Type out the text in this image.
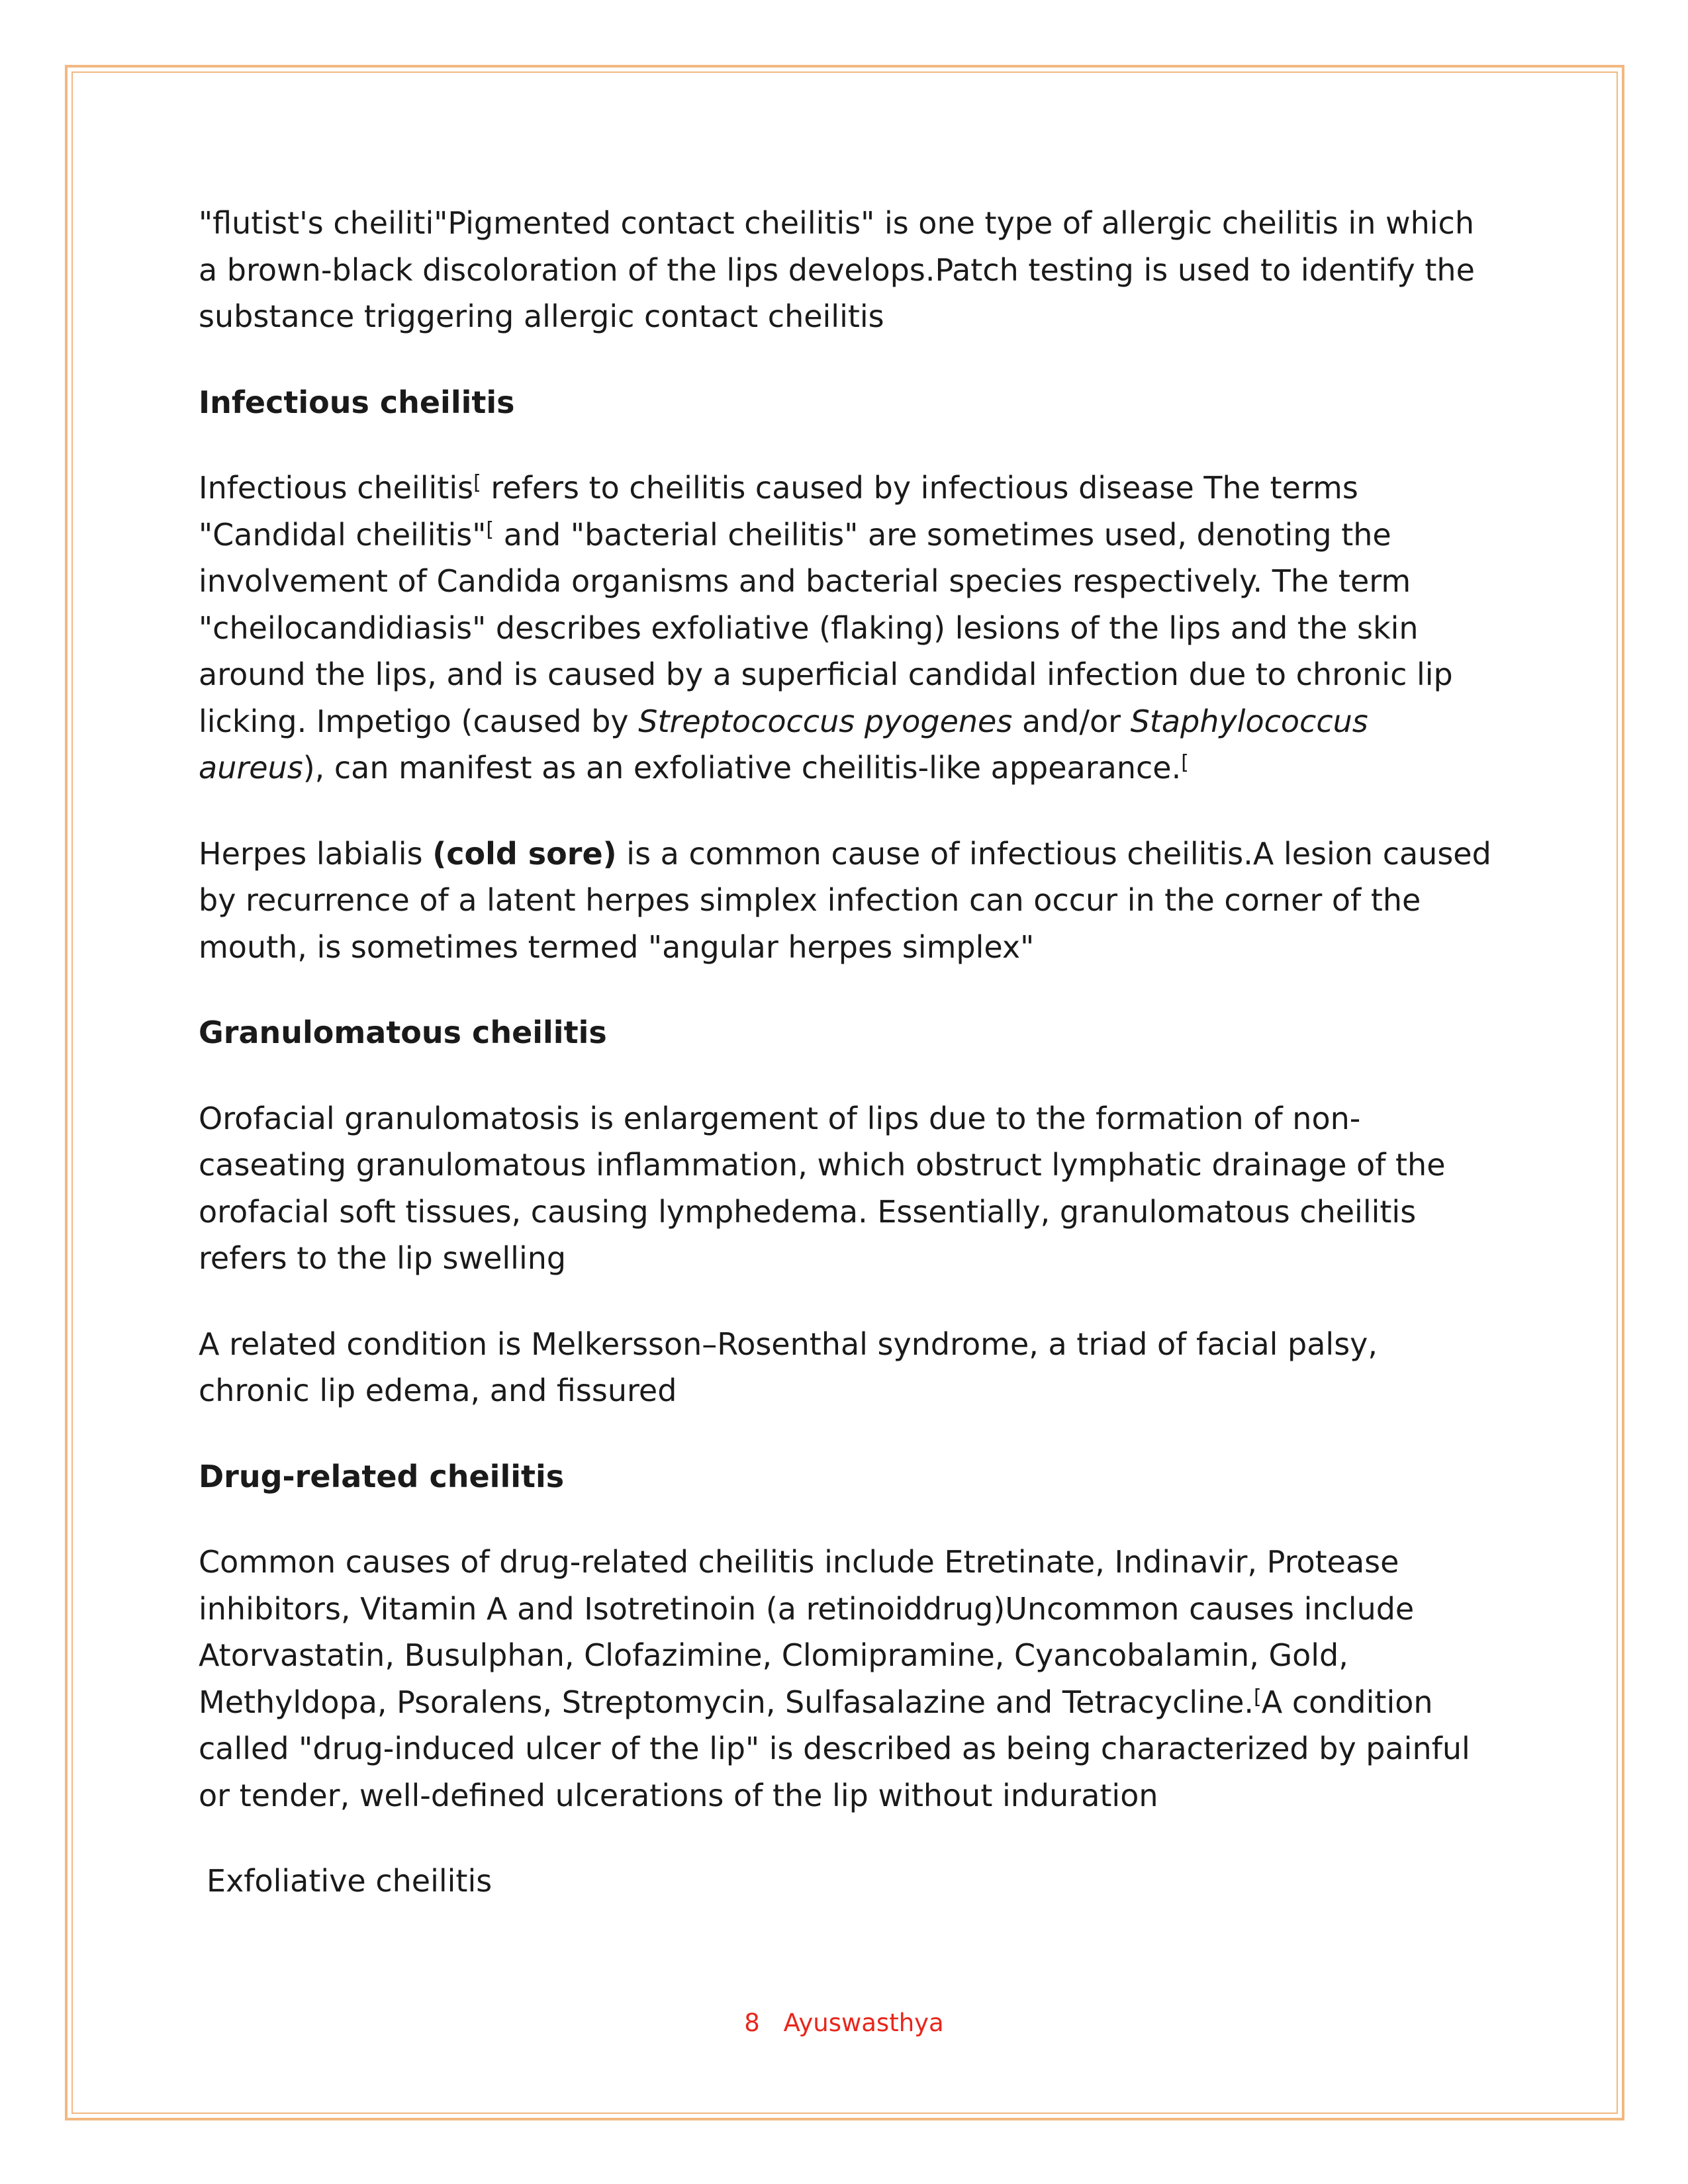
"flutist's cheiliti"Pigmented contact cheilitis" is one type of allergic cheilitis in which a brown-black discoloration of the lips develops.Patch testing is used to identify the substance triggering allergic contact cheilitis

Infectious cheilitis

Infectious cheilitis[ refers to cheilitis caused by infectious disease The terms "Candidal cheilitis"[ and "bacterial cheilitis" are sometimes used, denoting the involvement of Candida organisms and bacterial species respectively. The term "cheilocandidiasis" describes exfoliative (flaking) lesions of the lips and the skin around the lips, and is caused by a superficial candidal infection due to chronic lip licking. Impetigo (caused by Streptococcus pyogenes and/or Staphylococcus aureus), can manifest as an exfoliative cheilitis-like appearance.[

Herpes labialis (cold sore) is a common cause of infectious cheilitis.A lesion caused by recurrence of a latent herpes simplex infection can occur in the corner of the mouth, is sometimes termed "angular herpes simplex"

Granulomatous cheilitis

Orofacial granulomatosis is enlargement of lips due to the formation of non-caseating granulomatous inflammation, which obstruct lymphatic drainage of the orofacial soft tissues, causing lymphedema. Essentially, granulomatous cheilitis refers to the lip swelling

A related condition is Melkersson–Rosenthal syndrome, a triad of facial palsy, chronic lip edema, and fissured

Drug-related cheilitis

Common causes of drug-related cheilitis include Etretinate, Indinavir, Protease inhibitors, Vitamin A and Isotretinoin (a retinoiddrug)Uncommon causes include Atorvastatin, Busulphan, Clofazimine, Clomipramine, Cyancobalamin, Gold, Methyldopa, Psoralens, Streptomycin, Sulfasalazine and Tetracycline.[A condition called "drug-induced ulcer of the lip" is described as being characterized by painful or tender, well-defined ulcerations of the lip without induration

Exfoliative cheilitis

8 Ayuswasthya
